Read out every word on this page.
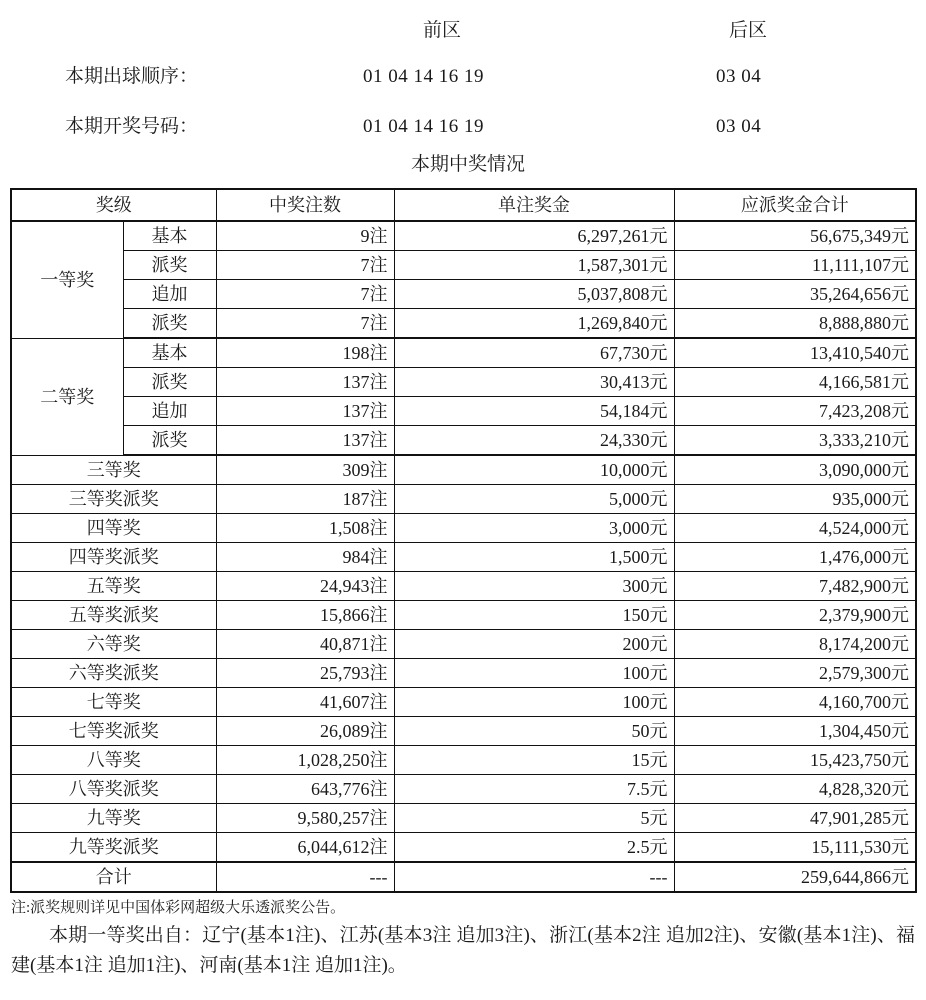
前区	后区
本期出球顺序：	01 04 14 16 19	03 04
本期开奖号码：	01 04 14 16 19	03 04
本期中奖情况
奖级		中奖注数	单注奖金	应派奖金合计
一等奖	基本	9注	6,297,261元	56,675,349元
	派奖	7注	1,587,301元	11,111,107元
	追加	7注	5,037,808元	35,264,656元
	派奖	7注	1,269,840元	8,888,880元
二等奖	基本	198注	67,730元	13,410,540元
	派奖	137注	30,413元	4,166,581元
	追加	137注	54,184元	7,423,208元
	派奖	137注	24,330元	3,333,210元
三等奖		309注	10,000元	3,090,000元
三等奖派奖		187注	5,000元	935,000元
四等奖		1,508注	3,000元	4,524,000元
四等奖派奖		984注	1,500元	1,476,000元
五等奖		24,943注	300元	7,482,900元
五等奖派奖		15,866注	150元	2,379,900元
六等奖		40,871注	200元	8,174,200元
六等奖派奖		25,793注	100元	2,579,300元
七等奖		41,607注	100元	4,160,700元
七等奖派奖		26,089注	50元	1,304,450元
八等奖		1,028,250注	15元	15,423,750元
八等奖派奖		643,776注	7.5元	4,828,320元
九等奖		9,580,257注	5元	47,901,285元
九等奖派奖		6,044,612注	2.5元	15,111,530元
合计		---	---	259,644,866元

注:派奖规则详见中国体彩网超级大乐透派奖公告。

本期一等奖出自：辽宁(基本1注)、江苏(基本3注 追加3注)、浙江(基本2注 追加2注)、安徽(基本1注)、福建(基本1注 追加1注)、河南(基本1注 追加1注)。
